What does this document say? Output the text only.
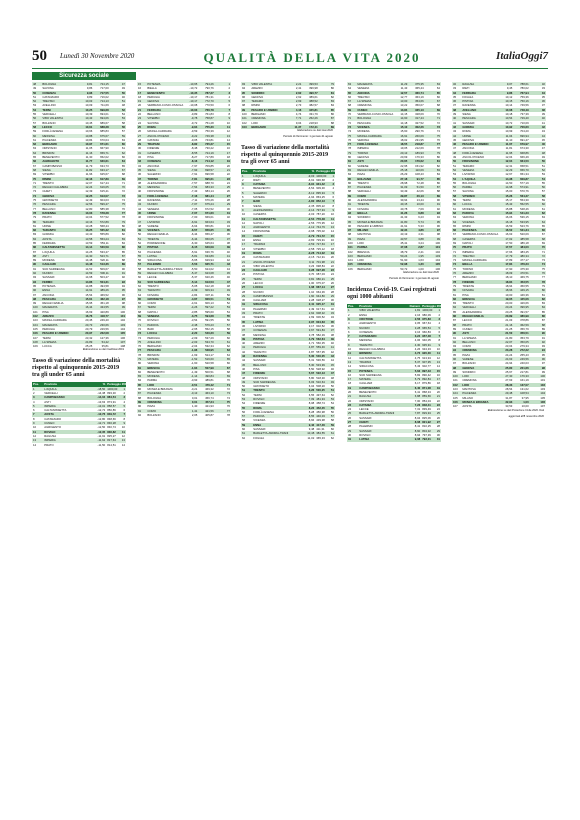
50 Lunedì 30 Novembre 2020	QUALITÀ DELLA VITA 2020	ItaliaOggi7
Sicurezza sociale
48	BOLOGNA	9,81	724,15	47
49	SAVONA	9,86	717,00	49
50	COSENZA	9,96	717,55	50
51	CATANZARO	9,89	716,02	46
52	TREVISO	10,03	714,13	51
53	AVELLINO	10,09	711,69	48
54	TERNI	10,25	699,68	52
55	VERCELLI	10,39	694,01	54
56	VIBO VALENTIA	10,43	694,06	53
57	BOLZANO	10,45	689,67	58
58	LECCO	10,61	688,28	56
59	FORLÌ-CESENA	10,66	685,83	57
60	MESSINA	10,88	675,67	59
61	PIACENZA	10,84	670,04	63
62	BERGAMO	10,97	671,61	60
63	ORISTANO	11,05	667,90	61
64	BRINDISI	11,16	659,71	62
65	BENEVENTO	11,30	652,02	66
66	AGRIGENTO	11,77	630,61	64
67	CAMPOBASSO	11,79	634,73	65
68	SIENA	11,82	633,17	67
69	VITERBO	11,96	625,67	68
70	RIMINI	12,16	617,89	69
71	TRENTO	12,07	617,44	71
72	REGGIO CALABRIA	12,24	616,05	70
73	CHIETI	12,39	615,41	72
74	GENOVA	12,25	613,07	73
75	GROSSETO	12,49	604,03	74
76	PESCARA	12,56	599,47	75
77	BELLUNO	12,80	585,38	76
78	RAVENNA	13,03	578,28	77
79	PRATO	13,04	577,52	78
80	TERAMO	13,16	572,89	79
81	UDINE	13,28	568,44	80
82	TARANTO	13,25	565,32	81
83	GORIZIA	13,43	555,89	82
84	AOSTA	13,58	553,24	83
85	FERRARA	13,59	553,11	84
86	CALTANISSETTA	14,14	530,59	86
87	L'AQUILA	14,25	533,47	85
88	ASTI	14,30	523,71	87
89	MODENA	14,48	520,11	88
90	CAGLIARI	14,48	513,36	89
91	SUD SARDEGNA	14,53	509,67	90
92	NUORO	14,59	506,11	91
93	SASSARI	14,68	503,47	92
94	FERMO	14,86	504,31	93
95	POTENZA	14,88	494,58	94
96	ENNA	14,91	489,26	95
97	ANCONA	15,54	469,52	96
98	PESCARA	15,61	462,18	97
99	REGGIO EMILIA	15,95	451,18	98
100	MACERATA	16,44	434,55	99
101	PISA	16,69	420,89	100
102	AREZZO	16,76	418,77	101
103	MASSA-CARRARA	20,45	249,40	102
104	MACERATA	20,73	230,66	103
105	PERUGIA	20,79	229,56	104
106	PESARO E URBINO	20,97	222,08	105
107	TERNI	23,32	127,36	106
108	LA SPEZIA	24,89	54,42	107
109	LUCCA	25,25	35,81	108
Elaborazione su dati Inail/Istat 2019
Tasso di variazione della mortalità rispetto al quinquennio 2015-2019 tra gli under 65 anni
Pos.	Provincia	%	Punteggio 2019	
1	L'AQUILA	-18,50	1000,00	1
2	VERCELLI	-14,38	893,30	2
3	CAMPOBASSO	-14,04	884,54	3
4	ASTI	-13,63	873,91	4
5	IMPERIA	-13,01	858,57	5
6	CALTANISSETTA	-12,72	850,86	6
7	AOSTA	-12,76	849,72	7
8	CATANZARO	-12,80	848,66	8
9	CUNEO	-12,71	846,28	9
10	AGRIGENTO	-12,50	840,74	10
11	ROVIGO	-12,35	836,82	11
12	RAGUSA	-11,91	825,27	12
13	IMPERIA	-11,62	817,64	13
14	PRATO	-11,50	814,51	14
15	POTENZA	-10,65	794,26	1
16	BIELLA	-10,72	790,76	2
17	BENEVENTO	-10,35	787,27	3
18	PERUGIA	-10,17	781,31	4
19	GENOVA	-10,17	772,70	5
20	VERBANO-CUSIO-OSSOLA	-10,08	770,50	6
21	FERRARA	-10,03	766,78	7
22	BELLUNO	-9,89	761,83	8
23	VITERBO	-9,78	758,87	9
24	SAVONA	-9,72	751,28	10
25	ROMA	-9,64	755,30	11
26	MASSA-CARRARA	-9,59	750,39	12
27	ASCOLI PICENO	-9,22	749,38	13
28	CATANIA	-9,05	743,81	14
29	TRAPANI	-8,82	735,27	15
30	FIRENZE	-8,48	730,22	16
31	CASERTA	-8,55	724,19	17
32	PISA	-8,27	717,89	18
33	COSENZA	-8,16	714,12	19
34	ANCONA	-7,97	709,85	20
35	SIENA	-7,93	698,57	21
36	SALERNO	-7,91	696,58	22
37	TORINO	-7,81	695,61	23
38	ALESSANDRIA	-7,57	688,70	24
39	MESSINA	-7,54	683,33	25
40	FROSINONE	-7,43	683,14	26
41	FORLÌ-CESENA	-7,16	681,44	27
42	RAVENNA	-7,11	676,26	28
43	NUORO	-7,07	675,24	29
44	VENEZIA	-7,05	672,52	30
45	UDINE	-7,07	671,60	31
46	FROSINONE	-7,00	669,01	32
47	LIVORNO	-6,91	663,64	33
48	VARESE	-6,64	656,81	34
49	VICENZA	-6,57	656,65	35
50	REGGIO EMILIA	-6,44	656,47	36
51	TRIESTE	-6,44	650,05	37
52	PORDENONE	-6,30	645,64	38
53	PISTOIA	-6,15	640,09	39
54	PIACENZA	-5,91	636,76	40
55	LATINA	-5,81	634,89	41
56	SIRACUSA	-5,65	629,94	42
57	PALERMO	-5,53	625,71	43
58	BARLETTA-ANDRIA-TRANI	-5,50	624,02	44
59	REGGIO CALABRIA	-5,47	623,08	45
60	LECCE	-5,37	620,46	46
61	SUD SARDEGNA	-5,14	613,53	47
62	TRENTO	-5,05	612,18	48
63	TARANTO	-4,99	609,34	49
64	NOVARA	-4,84	607,11	50
65	GROSSETO	-4,67	606,51	51
66	COMO	-4,61	606,13	52
67	TERNI	-4,26	597,22	53
68	NAPOLI	-3,85	595,60	54
69	VENEZIA	-3,75	594,68	55
70	ROVIGO	-3,54	591,55	56
71	PADOVA	-3,48	576,23	57
72	BARI	-2,65	552,15	58
73	LUCCA	-2,20	540,20	59
74	PERUGIA	-2,09	537,29	60
75	AVELLINO	-2,03	534,70	61
76	BERGAMO	-2,04	532,34	62
77	PESCARA	-1,96	528,95	63
78	BRINDISI	-1,69	524,17	64
79	MATERA	-1,52	516,60	65
80	VERONA	-1,60	520,58	66
81	BRESCIA	-1,64	507,99	67
82	BENEVENTO	-1,49	500,51	68
83	MODENA	-1,14	490,84	69
84	PARMA	-0,93	489,81	70
85	LODI	-0,51	476,42	71
86	MONZA E BRIANZA	-0,21	469,32	72
87	PIACENZA	-0,13	463,10	73
88	BOLOGNA	0,01	456,74	74
89	CREMONA	0,01	457,24	75
90	PAVIA	1,40	421,93	76
91	COMO	1,41	421,56	77
92	BOLZANO	2,05	405,87	78
93	VIBO VALENTIA	2,21	399,53	79
94	AREZZO	2,41	396,98	80
95	SONDRIO	2,62	390,77	81
96	GENOVA	2,62	389,61	82
97	TERAMO	2,69	388,52	83
98	RIMINI	2,73	382,57	84
99	PESARO E URBINO	4,16	345,81	85
100	BERGAMO	4,74	331,79	86
101	CREMONA	7,71	252,26	87
102	LODI	9,04	218,93	88
103	BERGAMO	11,37	172,41	89
Elaborazione su dati Istat 2020
Periodo di riferimento: 1 gennaio-31 agosto
Tasso di variazione della mortalità rispetto al quinquennio 2015-2019 tra gli over 65 anni
Pos.	Provincia	%	Punteggio 2019	
1	L'AQUILA	-9,03	1000,00	1
2	RIETI	-6,91	936,68	2
3	CATANIA	-6,91	931,42	3
4	BENEVENTO	-6,54	909,30	4
5	SALERNO	-6,12	895,94	5
6	MATERA	-4,94	863,25	6
7	BARI	-4,80	852,13	7
8	SIENA	-3,35	805,22	8
9	ALESSANDRIA	-3,14	797,94	9
10	CASERTA	-3,03	787,20	10
11	CALTANISSETTA	-2,54	776,48	11
12	NAPOLI	-2,56	775,95	12
13	AGRIGENTO	-1,12	744,79	13
14	FROSINONE	-0,98	735,02	14
15	CHIETI	-0,79	731,72	15
16	ENNA	-0,83	729,91	16
17	TRAPANI	-0,59	727,63	17
18	VITERBO	-0,58	725,12	18
19	ROMA	-0,28	714,02	19
20	CATANZARO	-0,15	712,91	20
21	ASCOLI PICENO	0,11	701,98	21
22	VIBO VALENTIA	0,23	698,84	22
23	CAGLIARI	0,28	697,28	23
24	PISTOIA	0,70	687,03	24
25	TERNI	0,81	680,21	25
26	LECCO	1,00	675,07	26
27	LUCCA	1,08	667,14	27
28	NUORO	1,10	664,36	28
29	CAMPOBASSO	1,60	644,80	29
30	CAGLIARI	2,28	628,27	30
31	SIRACUSA	2,41	625,17	31
32	PALERMO	2,49	617,61	32
33	PRATO	2,62	608,32	33
34	TRIESTE	2,69	606,52	34
35	LATINA	2,97	604,63	35
36	LIVORNO	3,17	602,52	36
37	COSENZA	3,67	591,83	37
38	MESSINA	3,78	582,39	38
39	PISTOIA	4,79	562,64	39
40	AREZZO	4,71	560,35	40
41	PERUGIA	4,87	559,46	41
42	TARANTO	4,87	557,95	42
43	RAVENNA	5,30	540,05	43
44	SASSARI	5,31	536,56	44
45	BELLUNO	5,30	533,99	45
46	PISA	5,50	528,92	46
47	FIRENZE	5,67	522,13	47
48	ORISTANO	5,80	518,30	48
49	SUD SARDEGNA	6,03	510,64	49
50	GROSSETO	6,04	508,20	50
51	TRENTO	6,26	500,25	51
52	TERNI	6,55	497,64	52
53	ROVIGO	7,09	481,94	53
54	FIRENZE	8,08	458,74	54
55	ROMA	8,22	452,45	55
56	FORLÌ-CESENA	8,28	450,98	56
57	PADOVA	8,55	446,03	57
58	VICENZA	8,66	439,98	58
59	ENNA	9,42	417,46	59
60	SASSARI	9,48	411,31	60
61	BARLETTA-ANDRIA-TRANI	10,48	384,55	61
62	FOGGIA	11,02	365,33	62
63	MACERATA	11,29	375,35	63
64	VENEZIA	11,43	365,44	64
65	ANCONA	12,57	360,74	65
66	TREVISO	12,77	363,19	66
67	LA SPEZIA	13,00	354,66	67
68	CREMONA	13,22	350,07	68
69	CUNEO	13,84	335,13	69
70	VERBANO-CUSIO-OSSOLA	14,15	328,09	70
71	BOLOGNA	14,60	317,44	71
72	PESCARA	14,18	327,52	72
73	VICENZA	15,10	302,26	73
74	MODENA	15,60	290,76	74
75	MASSA-CARRARA	16,91	260,09	75
76	VERONA	18,02	231,95	76
77	FORLÌ-CESENA	18,55	218,87	77
78	IMPERIA	19,05	212,69	78
79	TORINO	20,13	189,93	79
80	GENOVA	20,69	176,33	80
81	ASTI	20,65	176,62	81
82	VARESE	22,95	151,92	82
83	REGGIO EMILIA	25,18	110,09	83
84	PAVIA	26,29	108,43	84
85	BOLZANO	27,18	91,77	85
86	TRENTO	28,98	72,48	86
87	PIACENZA	31,09	51,50	87
88	VERCELLI	33,49	42,06	88
89	COMO	39,87	26,13	89
90	ALESSANDRIA	39,94	13,44	90
91	TRIESTE	40,15	10,00	91
92	NOVARA	40,78	7,09	92
93	BIELLA	41,26	6,88	93
94	SONDRIO	41,33	6,23	94
95	MONZA E BRIANZA	41,80	5,74	95
96	PESARO E URBINO	41,91	5,33	96
97	MILANO	42,34	4,86	97
98	MANTOVA	43,19	4,31	98
99	PAVIA	43,57	3,88	99
100	LODI	45,41	3,24	100
101	PARMA	47,08	2,87	101
102	BRESCIA	48,79	2,41	102
103	BERGAMO	50,24	1,95	103
104	LODI	51,90	1,63	104
105	CREMONA	52,98	1,30	105
106	BERGAMO	53,72	1,00	106
Elaborazione su dati Istat 2020
Periodo di riferimento: 1 gennaio-31 agosto
Incidenza Covid-19. Casi registrati ogni 1000 abitanti
Pos.	Provincia	Numero	Punteggio 2019	
1	VIBO VALENTIA	1,81	1000,00	1
2	ENNA	2,16	980,09	2
3	CROTONE	2,56	975,83	3
4	AGRIGENTO	3,05	967,64	4
5	NUORO	3,28	965,54	5
6	COSENZA	3,16	960,83	6
7	CATANZARO	3,24	957,48	7
8	MESSINA	4,06	940,05	8
9	TARANTO	4,30	935,91	9
10	REGGIO CALABRIA	4,26	934,33	10
11	BRINDISI	4,72	920,30	11
12	CALTANISSETTA	4,75	913,94	12
13	TRAPANI	5,37	907,95	13
14	SIRACUSA	5,43	902,77	14
15	POTENZA	5,63	897,43	15
16	SUD SARDEGNA	5,82	890,42	16
17	MATERA	5,79	892,84	17
18	CAGLIARI	6,17	879,86	18
19	CAMPOBASSO	6,40	871,08	19
20	BENEVENTO	6,41	868,34	20
21	RAGUSA	6,88	859,66	21
22	ORISTANO	7,00	854,04	22
23	CATANIA	7,23	848,41	23
24	LECCE	7,31	839,49	24
25	BARLETTA-ANDRIA-TRANI	7,87	829,94	25
26	SASSARI	8,04	825,06	26
27	CHIETI	8,08	821,92	27
28	PALERMO	8,41	810,25	28
29	SASSARI	8,60	804,32	29
30	ROVIGO	8,94	797,39	30
31	LATINA	9,08	793,01	31
32	RAGUSA	9,07	788,61	32
33	RIETI	9,45	780,02	33
34	FERRARA	9,86	767,94	34
35	FOGGIA	10,12	759,36	35
36	PISTOIA	10,15	750,16	36
37	RAVENNA	10,14	749,56	37
38	AVELLINO	10,08	748,49	38
39	SIENA	10,18	737,39	39
40	PESCARA	10,54	729,40	40
41	SASSARI	10,72	710,09	41
42	GORIZIA	10,92	706,60	42
43	ROMA	10,99	704,20	43
44	UDINE	11,04	696,94	44
45	GENOVA	11,10	691,47	45
46	PESARO E URBINO	11,07	679,97	46
47	ANCONA	11,81	674,30	47
48	FORLÌ-CESENA	11,95	668,86	48
49	ASCOLI PICENO	12,04	666,49	49
50	FROSINONE	12,04	664,50	50
51	TERAMO	12,31	658,51	51
52	VENEZIA	12,29	656,70	52
53	LIVORNO	12,67	651,34	53
54	L'AQUILA	14,38	609,87	54
55	BOLOGNA	14,50	577,19	55
56	PARMA	14,98	574,91	56
57	SAVONA	15,00	570,76	57
58	VITERBO	15,26	564,37	58
59	TERNI	15,17	554,30	59
60	LUCCA	15,43	552,55	60
61	MODENA	15,88	548,46	61
62	PADOVA	15,94	541,23	62
63	VERONA	16,06	536,15	63
64	VICENZA	16,18	533,95	64
65	RIMINI	16,59	523,76	65
66	PIACENZA	16,52	521,34	66
67	VERBANO-CUSIO-OSSOLA	16,63	520,09	67
68	CASERTA	17,02	485,58	68
69	NAPOLI	17,50	486,18	69
70	PRATO	17,57	484,00	70
71	IMPERIA	17,66	483,45	71
72	TREVISO	17,79	480,34	72
73	MASSA-CARRARA	17,89	477,17	73
74	BIELLA	17,84	476,23	74
75	TORINO	17,90	475,30	75
76	AREZZO	18,09	470,51	76
77	BERGAMO	18,10	469,75	77
78	FIRENZE	18,84	453,55	78
79	TRIESTE	18,94	450,55	79
80	NOVARA	18,96	449,15	80
81	PISA	19,00	446,36	81
82	BRESCIA	19,05	445,06	82
83	TRENTO	20,00	426,66	83
84	VERCELLI	20,24	396,95	84
85	ALESSANDRIA	20,25	391,57	85
86	REGGIO EMILIA	20,89	380,99	86
87	LECCO	21,03	378,86	87
88	PRATO	21,16	362,59	88
89	CUNEO	21,25	356,79	89
90	ASTI	21,50	356,51	90
91	LA SPEZIA	21,80	353,79	91
92	BELLUNO	22,07	350,05	92
93	COMO	23,04	279,34	93
94	CREMONA	23,28	272,22	94
95	PAVIA	24,24	255,43	95
96	VARESE	24,63	249,56	96
97	BOLZANO	24,94	240,03	97
98	GENOVA	25,80	221,66	98
99	SONDRIO	25,67	217,81	99
100	LODI	27,30	176,33	100
101	CREMONA	27,63	161,19	101
102	LODI	28,33	137,07	102
103	MANTOVA	28,54	131,62	103
104	PIACENZA	29,48	108,54	104
105	MILANO	31,87	37,95	105
106	MONZA E BRIANZA	32,93	1,00	106
107	AOSTA	33,53	10,00	107
Elaborazione su dati Protezione Civile 2020. Dati
aggiornati all'8 novembre 2020
